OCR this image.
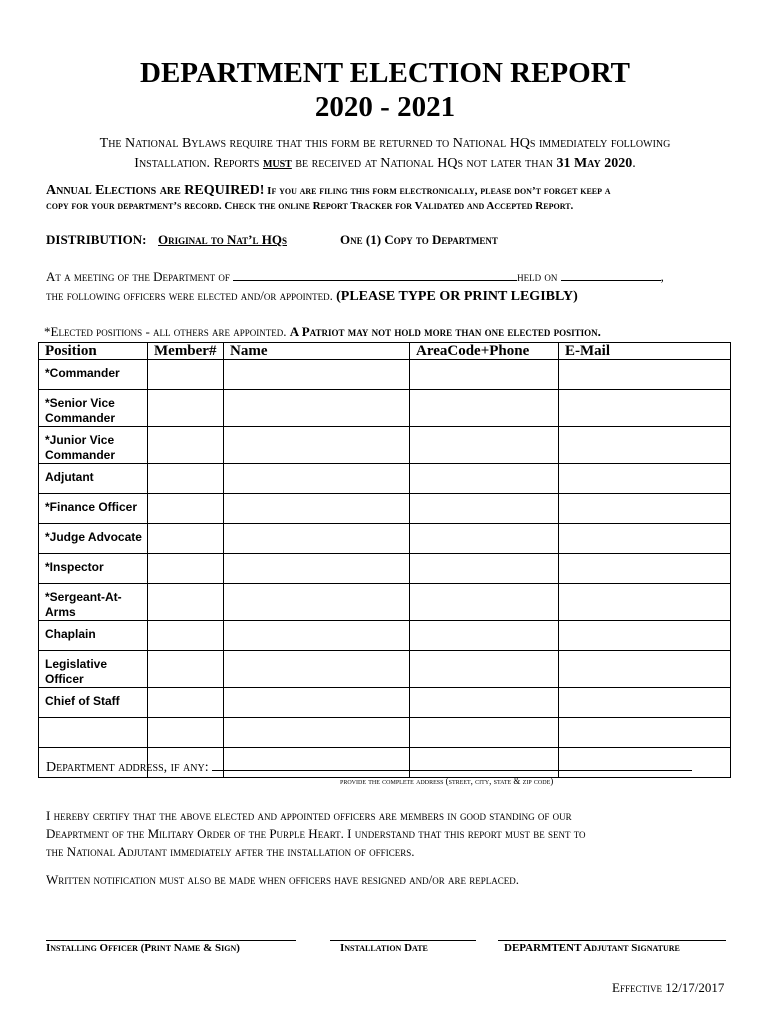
DEPARTMENT ELECTION REPORT
2020 - 2021
The National Bylaws require that this form be returned to National HQs immediately following
Installation. Reports must be received at National HQs not later than 31 May 2020.
Annual Elections are REQUIRED! If you are filing this form electronically, please don’t forget keep a
copy for your department’s record. Check the online Report Tracker for Validated and Accepted Report.
DISTRIBUTION: Original to Nat’l HQs	One (1) Copy to Department
At a meeting of the Department of	held on	,
the following officers were elected and/or appointed. (PLEASE TYPE OR PRINT LEGIBLY)
*Elected positions - all others are appointed. A Patriot may not hold more than one elected position.
Position	Member#	Name	AreaCode+Phone	E-Mail
*Commander				
*Senior Vice Commander				
*Junior Vice Commander				
Adjutant				
*Finance Officer				
*Judge Advocate				
*Inspector				
*Sergeant-At-Arms				
Chaplain				
Legislative Officer				
Chief of Staff				

Department address, if any:
provide the complete address (street, city, state & zip code)
I hereby certify that the above elected and appointed officers are members in good standing of our
Deaprtment of the Military Order of the Purple Heart. I understand that this report must be sent to
the National Adjutant immediately after the installation of officers.
Written notification must also be made when officers have resigned and/or are replaced.
Installing Officer (Print Name & Sign)	Installation Date	DEPARMTENT Adjutant Signature
Effective 12/17/2017
